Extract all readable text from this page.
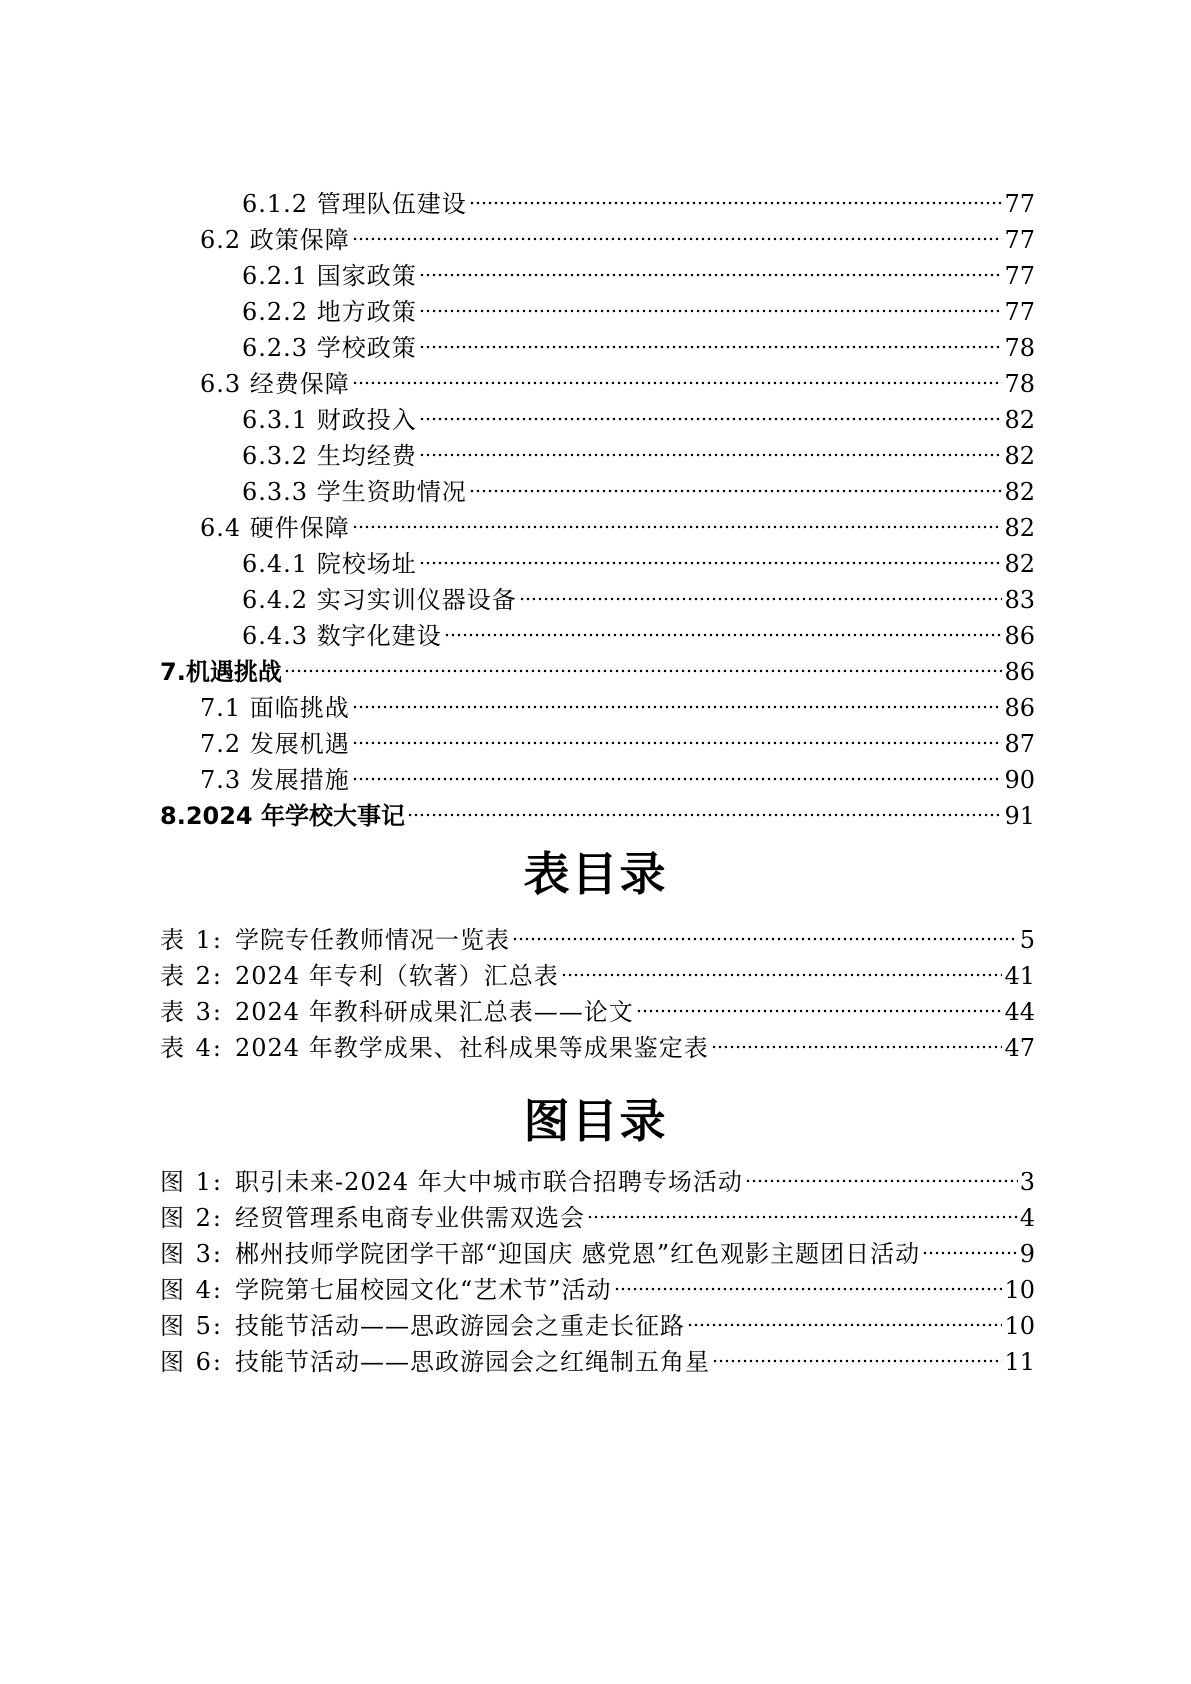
6.1.2 管理队伍建设	77
6.2 政策保障	77
6.2.1 国家政策	77
6.2.2 地方政策	77
6.2.3 学校政策	78
6.3 经费保障	78
6.3.1 财政投入	82
6.3.2 生均经费	82
6.3.3 学生资助情况	82
6.4 硬件保障	82
6.4.1 院校场址	82
6.4.2 实习实训仪器设备	83
6.4.3 数字化建设	86
7.机遇挑战	86
7.1 面临挑战	86
7.2 发展机遇	87
7.3 发展措施	90
8.2024 年学校大事记	91
表目录
表 1: 学院专任教师情况一览表	5
表 2: 2024 年专利（软著）汇总表	41
表 3: 2024 年教科研成果汇总表——论文	44
表 4: 2024 年教学成果、社科成果等成果鉴定表	47
图目录
图 1: 职引未来-2024 年大中城市联合招聘专场活动	3
图 2: 经贸管理系电商专业供需双选会	4
图 3: 郴州技师学院团学干部“迎国庆 感党恩”红色观影主题团日活动	9
图 4: 学院第七届校园文化“艺术节”活动	10
图 5: 技能节活动——思政游园会之重走长征路	10
图 6: 技能节活动——思政游园会之红绳制五角星	11
